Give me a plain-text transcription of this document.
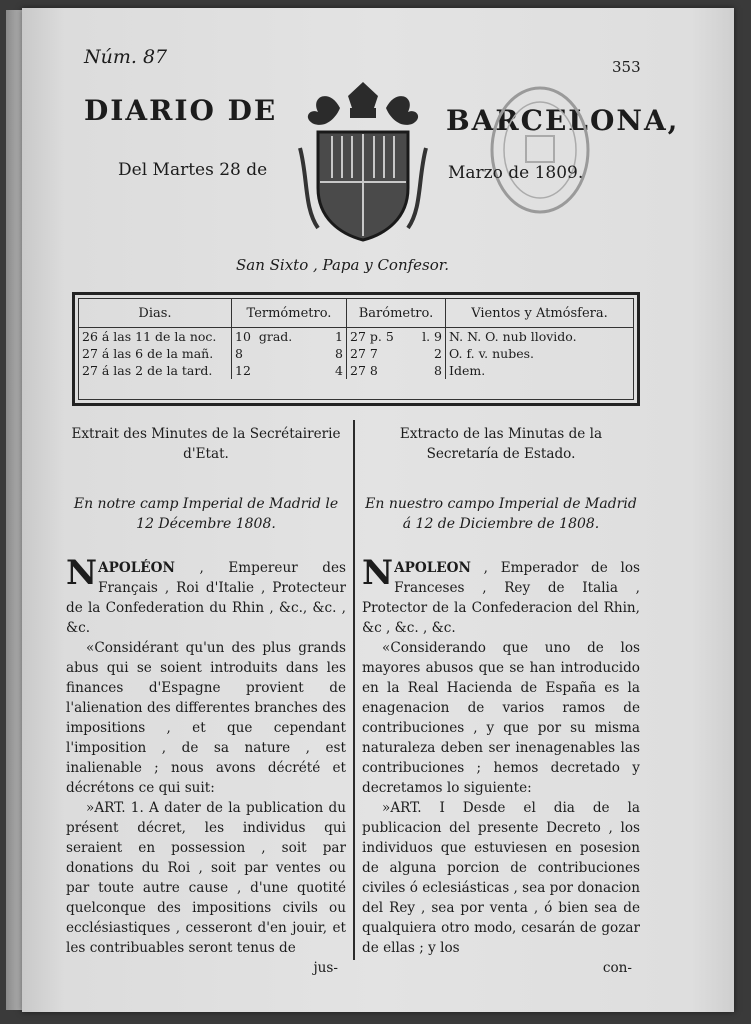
Núm. 87	353
DIARIO DE	BARCELONA,
Del Martes 28 de	Marzo de 1809.
San Sixto , Papa y Confesor.
Dias.	Termómetro.	Barómetro.	Vientos y Atmósfera.
26 á las 11 de la noc.	10 grad. 1	27 p. 5 l. 9	N. N. O. nub llovido.
27 á las 6 de la mañ.	8 8	27 7 2	O. f. v. nubes.
27 á las 2 de la tard.	12 4	27 8 8	Idem.

Extrait des Minutes de la Secrétairerie d'Etat.

En notre camp Imperial de Madrid le 12 Décembre 1808.

NAPOLÉON , Empereur des Français , Roi d'Italie , Protecteur de la Confederation du Rhin , &c., &c. , &c.

«Considérant qu'un des plus grands abus qui se soient introduits dans les finances d'Espagne provient de l'alienation des differentes branches des impositions , et que cependant l'imposition , de sa nature , est inalienable ; nous avons décrété et décrétons ce qui suit:

»ART. 1. A dater de la publication du présent décret, les individus qui seraient en possession , soit par donations du Roi , soit par ventes ou par toute autre cause , d'une quotité quelconque des impositions civils ou ecclésiastiques , cesseront d'en jouir, et les contribuables seront tenus de

jus-

Extracto de las Minutas de la Secretaría de Estado.

En nuestro campo Imperial de Madrid á 12 de Diciembre de 1808.

NAPOLEON , Emperador de los Franceses , Rey de Italia , Protector de la Confederacion del Rhin, &c , &c. , &c.

«Considerando que uno de los mayores abusos que se han introducido en la Real Hacienda de España es la enagenacion de varios ramos de contribuciones , y que por su misma naturaleza deben ser inenagenables las contribuciones ; hemos decretado y decretamos lo siguiente:

»ART. I Desde el dia de la publicacion del presente Decreto , los individuos que estuviesen en posesion de alguna porcion de contribuciones civiles ó eclesiásticas , sea por donacion del Rey , sea por venta , ó bien sea de qualquiera otro modo, cesarán de gozar de ellas ; y los

con-
